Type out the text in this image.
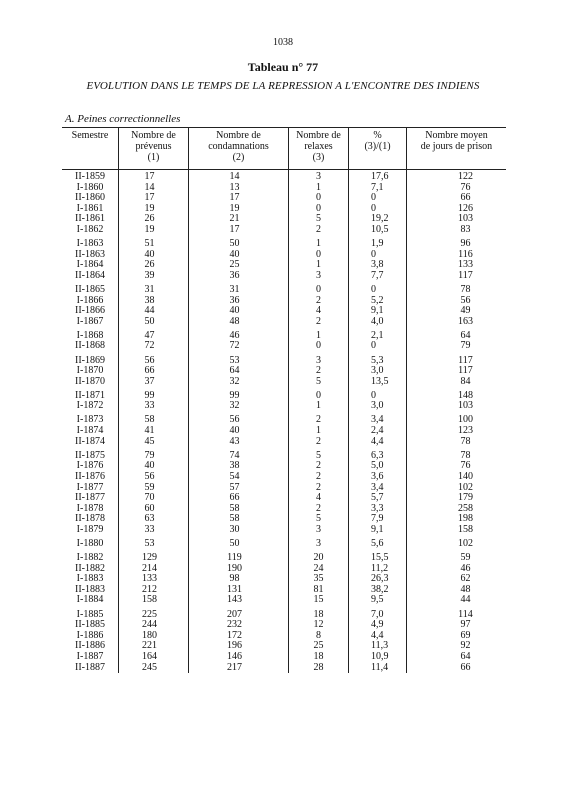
1038
Tableau n° 77
EVOLUTION DANS LE TEMPS DE LA REPRESSION A L'ENCONTRE DES INDIENS
A. Peines correctionnelles
Semestre	Nombre de
prévenus
(1)
Nombre de
condamnations
(2)
Nombre de
relaxes
(3)
%
(3)/(1)
Nombre moyen
de jours de prison
II-1859
I-1860
II-1860
I-1861
II-1861
I-1862
I-1863
II-1863
I-1864
II-1864
II-1865
I-1866
II-1866
I-1867
I-1868
II-1868
II-1869
I-1870
II-1870
II-1871
I-1872
I-1873
I-1874
II-1874
II-1875
I-1876
II-1876
I-1877
II-1877
I-1878
II-1878
I-1879
I-1880
I-1882
II-1882
I-1883
II-1883
I-1884
I-1885
II-1885
I-1886
II-1886
I-1887
II-1887
17
14
17
19
26
19
51
40
26
39
31
38
44
50
47
72
56
66
37
99
33
58
41
45
79
40
56
59
70
60
63
33
53
129
214
133
212
158
225
244
180
221
164
245
14
13
17
19
21
17
50
40
25
36
31
36
40
48
46
72
53
64
32
99
32
56
40
43
74
38
54
57
66
58
58
30
50
119
190
98
131
143
207
232
172
196
146
217
3
1
0
0
5
2
1
0
1
3
0
2
4
2
1
0
3
2
5
0
1
2
1
2
5
2
2
2
4
2
5
3
3
20
24
35
81
15
18
12
8
25
18
28
17,6
7,1
0
0
19,2
10,5
1,9
0
3,8
7,7
0
5,2
9,1
4,0
2,1
0
5,3
3,0
13,5
0
3,0
3,4
2,4
4,4
6,3
5,0
3,6
3,4
5,7
3,3
7,9
9,1
5,6
15,5
11,2
26,3
38,2
9,5
7,0
4,9
4,4
11,3
10,9
11,4
122
76
66
126
103
83
96
116
133
117
78
56
49
163
64
79
117
117
84
148
103
100
123
78
78
76
140
102
179
258
198
158
102
59
46
62
48
44
114
97
69
92
64
66
